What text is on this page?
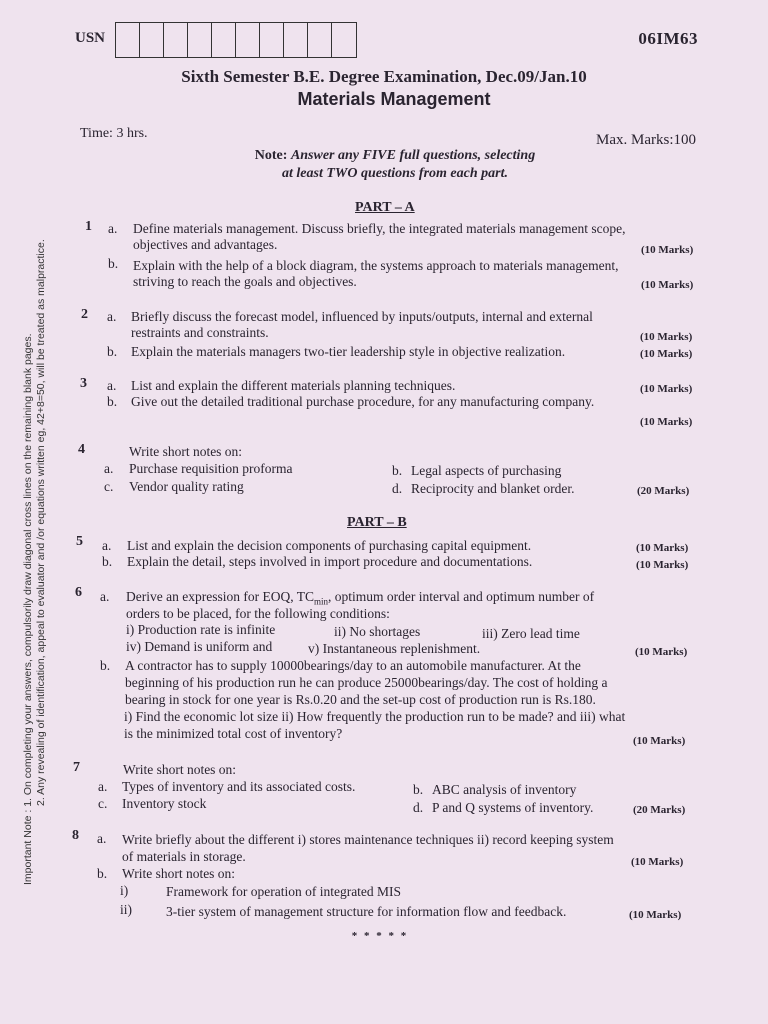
USN	06IM63
Sixth Semester B.E. Degree Examination, Dec.09/Jan.10
Materials Management
Time: 3 hrs.	Max. Marks:100
Note: Answer any FIVE full questions, selecting
at least TWO questions from each part.
PART – A
1 a. Define materials management. Discuss briefly, the integrated materials management scope,
objectives and advantages.	(10 Marks)
b. Explain with the help of a block diagram, the systems approach to materials management,
striving to reach the goals and objectives.	(10 Marks)
2 a. Briefly discuss the forecast model, influenced by inputs/outputs, internal and external
restraints and constraints.	(10 Marks)
b. Explain the materials managers two-tier leadership style in objective realization.	(10 Marks)
3 a. List and explain the different materials planning techniques.	(10 Marks)
b. Give out the detailed traditional purchase procedure, for any manufacturing company.
(10 Marks)
4	Write short notes on:
a. Purchase requisition proforma	b. Legal aspects of purchasing
c. Vendor quality rating	d. Reciprocity and blanket order.	(20 Marks)
PART – B
5 a. List and explain the decision components of purchasing capital equipment.	(10 Marks)
b. Explain the detail, steps involved in import procedure and documentations.	(10 Marks)
6 a. Derive an expression for EOQ, $TC_{min}$, optimum order interval and optimum number of
orders to be placed, for the following conditions:
i) Production rate is infinite	ii) No shortages	iii) Zero lead time
iv) Demand is uniform and	v) Instantaneous replenishment.	(10 Marks)
b. A contractor has to supply 10000bearings/day to an automobile manufacturer. At the
beginning of his production run he can produce 25000bearings/day. The cost of holding a
bearing in stock for one year is Rs.0.20 and the set-up cost of production run is Rs.180.
i) Find the economic lot size ii) How frequently the production run to be made? and iii) what
is the minimized total cost of inventory?	(10 Marks)
7	Write short notes on:
a. Types of inventory and its associated costs.	b. ABC analysis of inventory
c. Inventory stock	d. P and Q systems of inventory.	(20 Marks)
8 a. Write briefly about the different i) stores maintenance techniques ii) record keeping system
of materials in storage.	(10 Marks)
b. Write short notes on:
i)	Framework for operation of integrated MIS
ii)	3-tier system of management structure for information flow and feedback.	(10 Marks)
* * * * *
Important Note : 1. On completing your answers, compulsorily draw diagonal cross lines on the remaining blank pages. 2. Any revealing of identification, appeal to evaluator and /or equations written eg, 42+8=50, will be treated as malpractice.
